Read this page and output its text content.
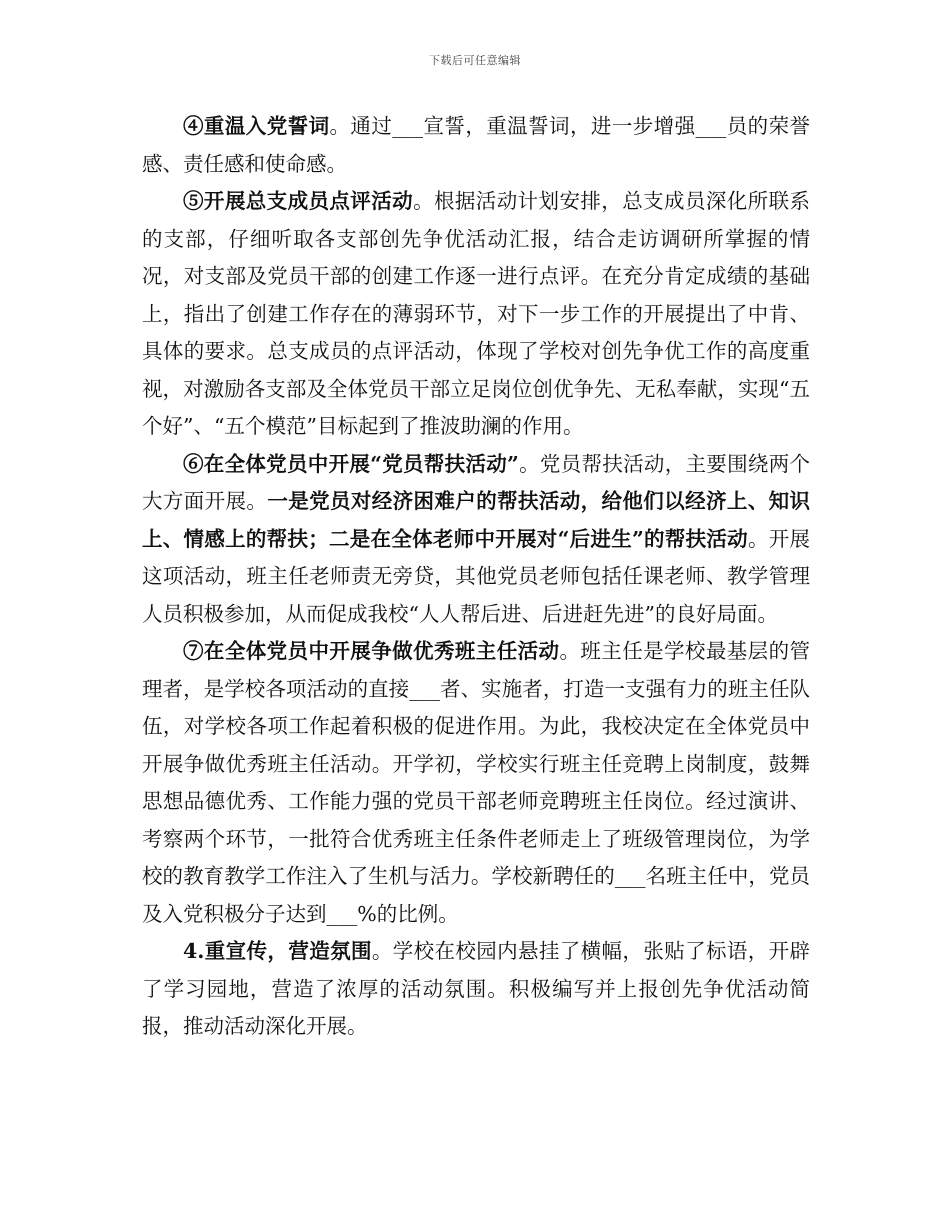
下载后可任意编辑

④重温入党誓词。通过___宣誓，重温誓词，进一步增强___员的荣誉感、责任感和使命感。

⑤开展总支成员点评活动。根据活动计划安排，总支成员深化所联系的支部，仔细听取各支部创先争优活动汇报，结合走访调研所掌握的情况，对支部及党员干部的创建工作逐一进行点评。在充分肯定成绩的基础上，指出了创建工作存在的薄弱环节，对下一步工作的开展提出了中肯、具体的要求。总支成员的点评活动，体现了学校对创先争优工作的高度重视，对激励各支部及全体党员干部立足岗位创优争先、无私奉献，实现“五个好”、“五个模范”目标起到了推波助澜的作用。

⑥在全体党员中开展“党员帮扶活动”。党员帮扶活动，主要围绕两个大方面开展。一是党员对经济困难户的帮扶活动，给他们以经济上、知识上、情感上的帮扶；二是在全体老师中开展对“后进生”的帮扶活动。开展这项活动，班主任老师责无旁贷，其他党员老师包括任课老师、教学管理人员积极参加，从而促成我校“人人帮后进、后进赶先进”的良好局面。

⑦在全体党员中开展争做优秀班主任活动。班主任是学校最基层的管理者，是学校各项活动的直接___者、实施者，打造一支强有力的班主任队伍，对学校各项工作起着积极的促进作用。为此，我校决定在全体党员中开展争做优秀班主任活动。开学初，学校实行班主任竞聘上岗制度，鼓舞思想品德优秀、工作能力强的党员干部老师竞聘班主任岗位。经过演讲、考察两个环节，一批符合优秀班主任条件老师走上了班级管理岗位，为学校的教育教学工作注入了生机与活力。学校新聘任的___名班主任中，党员及入党积极分子达到___%的比例。

4.重宣传，营造氛围。学校在校园内悬挂了横幅，张贴了标语，开辟了学习园地，营造了浓厚的活动氛围。积极编写并上报创先争优活动简报，推动活动深化开展。
